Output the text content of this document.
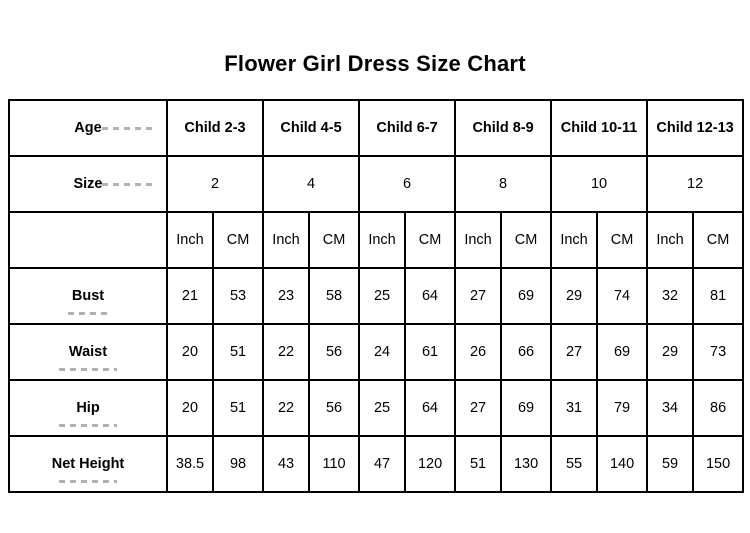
Flower Girl Dress Size Chart
Age	Child 2-3		Child 4-5		Child 6-7		Child 8-9		Child 10-11		Child 12-13	
Size	2		4		6		8		10		12	
	Inch	CM	Inch	CM	Inch	CM	Inch	CM	Inch	CM	Inch	CM
Bust	21	53	23	58	25	64	27	69	29	74	32	81
Waist	20	51	22	56	24	61	26	66	27	69	29	73
Hip	20	51	22	56	25	64	27	69	31	79	34	86
Net Height	38.5	98	43	110	47	120	51	130	55	140	59	150
